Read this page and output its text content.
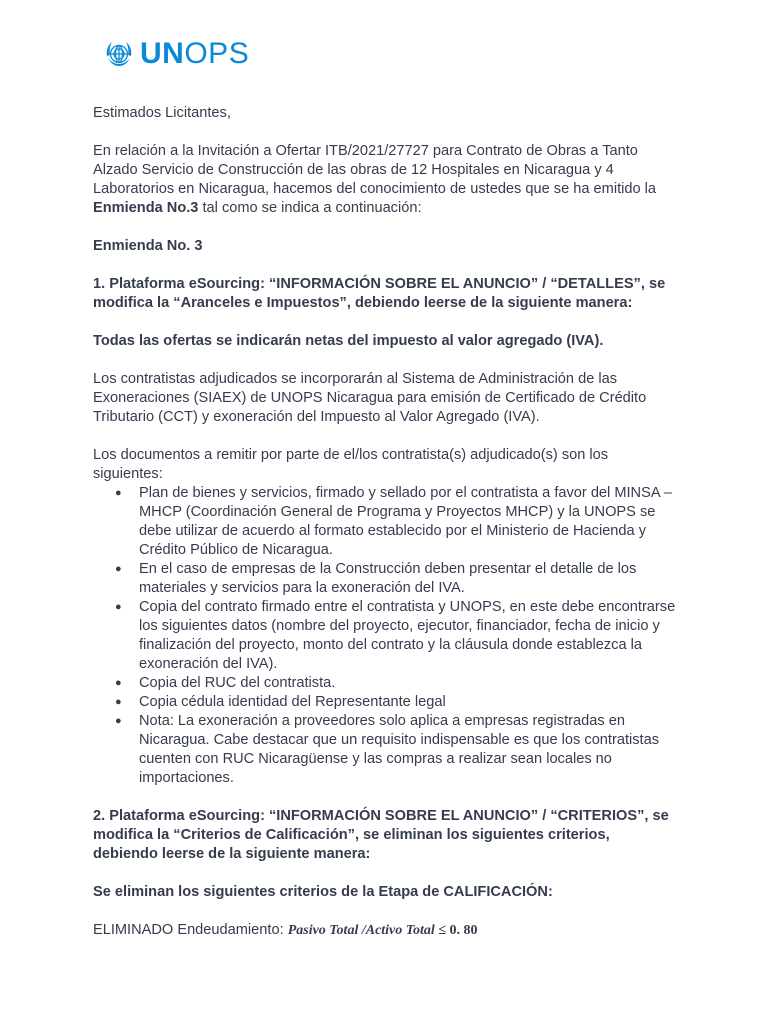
UNOPS

Estimados Licitantes,

En relación a la Invitación a Ofertar ITB/2021/27727 para Contrato de Obras a Tanto Alzado Servicio de Construcción de las obras de 12 Hospitales en Nicaragua y 4 Laboratorios en Nicaragua, hacemos del conocimiento de ustedes que se ha emitido la Enmienda No.3 tal como se indica a continuación:

Enmienda No. 3

1. Plataforma eSourcing: “INFORMACIÓN SOBRE EL ANUNCIO” / “DETALLES”, se modifica la “Aranceles e Impuestos”, debiendo leerse de la siguiente manera:

Todas las ofertas se indicarán netas del impuesto al valor agregado (IVA).

Los contratistas adjudicados se incorporarán al Sistema de Administración de las Exoneraciones (SIAEX) de UNOPS Nicaragua para emisión de Certificado de Crédito Tributario (CCT) y exoneración del Impuesto al Valor Agregado (IVA).

Los documentos a remitir por parte de el/los contratista(s) adjudicado(s) son los siguientes:

● Plan de bienes y servicios, firmado y sellado por el contratista a favor del MINSA – MHCP (Coordinación General de Programa y Proyectos MHCP) y la UNOPS se debe utilizar de acuerdo al formato establecido por el Ministerio de Hacienda y Crédito Público de Nicaragua.
● En el caso de empresas de la Construcción deben presentar el detalle de los materiales y servicios para la exoneración del IVA.
● Copia del contrato firmado entre el contratista y UNOPS, en este debe encontrarse los siguientes datos (nombre del proyecto, ejecutor, financiador, fecha de inicio y finalización del proyecto, monto del contrato y la cláusula donde establezca la exoneración del IVA).
● Copia del RUC del contratista.
● Copia cédula identidad del Representante legal
● Nota: La exoneración a proveedores solo aplica a empresas registradas en Nicaragua. Cabe destacar que un requisito indispensable es que los contratistas cuenten con RUC Nicaragüense y las compras a realizar sean locales no importaciones.

2. Plataforma eSourcing: “INFORMACIÓN SOBRE EL ANUNCIO” / “CRITERIOS”, se modifica la “Criterios de Calificación”, se eliminan los siguientes criterios, debiendo leerse de la siguiente manera:

Se eliminan los siguientes criterios de la Etapa de CALIFICACIÓN:

ELIMINADO Endeudamiento: Pasivo Total /Activo Total ≤ 0. 80
